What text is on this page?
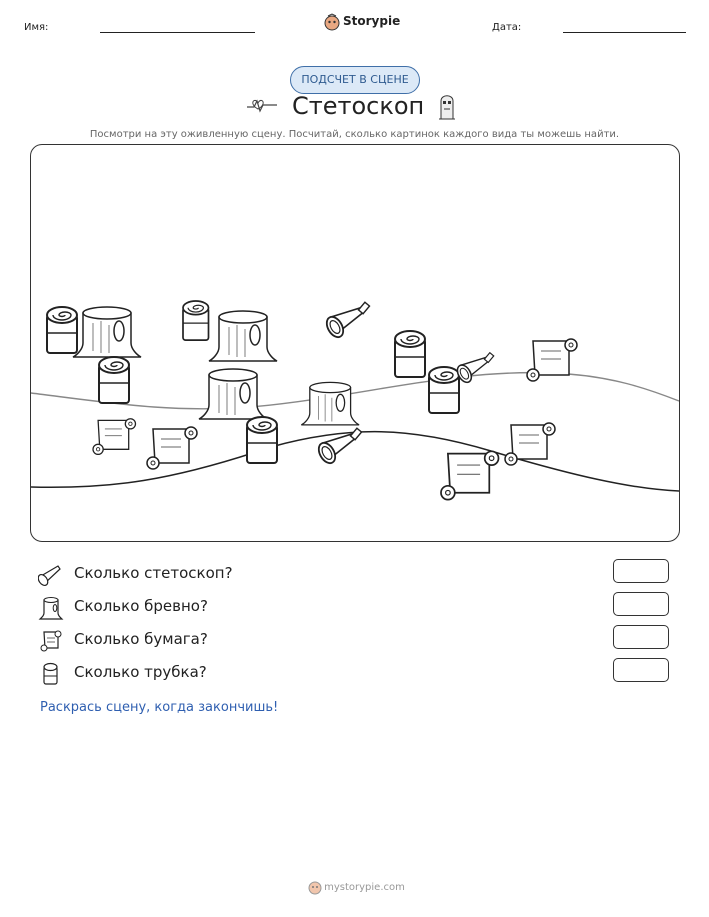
Имя:	Storypie	Дата:
ПОДСЧЕТ В СЦЕНЕ
Стетоскоп
Посмотри на эту оживленную сцену. Посчитай, сколько картинок каждого вида ты можешь найти.
Сколько стетоскоп?
Сколько бревно?
Сколько бумага?
Сколько трубка?
Раскрась сцену, когда закончишь!
mystorypie.com
